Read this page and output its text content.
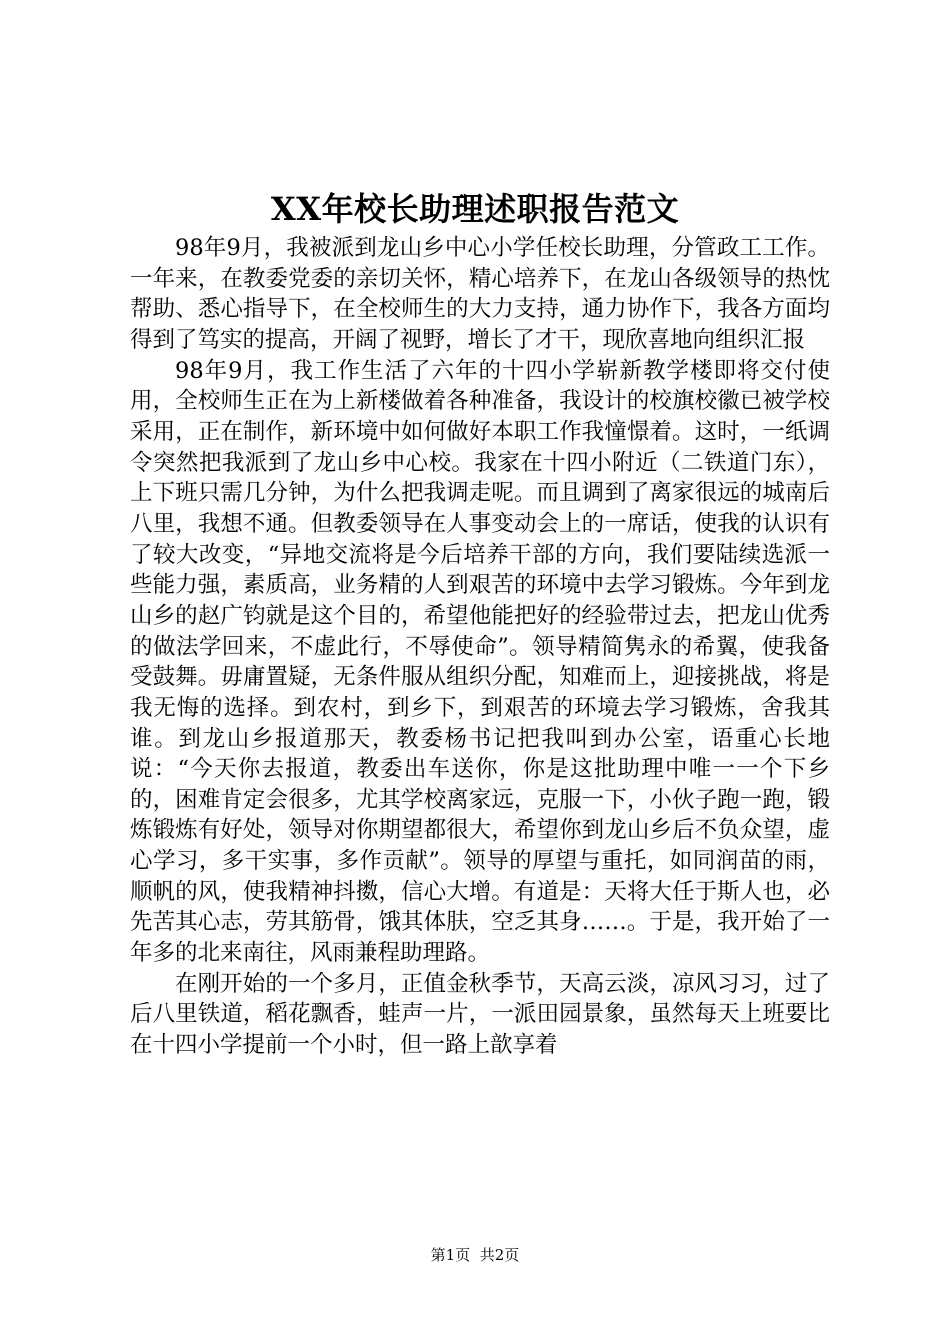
XX年校长助理述职报告范文

98年9月，我被派到龙山乡中心小学任校长助理，分管政工工作。一年来，在教委党委的亲切关怀，精心培养下，在龙山各级领导的热忱帮助、悉心指导下，在全校师生的大力支持，通力协作下，我各方面均得到了笃实的提高，开阔了视野，增长了才干，现欣喜地向组织汇报

98年9月，我工作生活了六年的十四小学崭新教学楼即将交付使用，全校师生正在为上新楼做着各种准备，我设计的校旗校徽已被学校采用，正在制作，新环境中如何做好本职工作我憧憬着。这时，一纸调令突然把我派到了龙山乡中心校。我家在十四小附近（二铁道门东），上下班只需几分钟，为什么把我调走呢。而且调到了离家很远的城南后八里，我想不通。但教委领导在人事变动会上的一席话，使我的认识有了较大改变，“异地交流将是今后培养干部的方向，我们要陆续选派一些能力强，素质高，业务精的人到艰苦的环境中去学习锻炼。今年到龙山乡的赵广钧就是这个目的，希望他能把好的经验带过去，把龙山优秀的做法学回来，不虚此行，不辱使命”。领导精简隽永的希翼，使我备受鼓舞。毋庸置疑，无条件服从组织分配，知难而上，迎接挑战，将是我无悔的选择。到农村，到乡下，到艰苦的环境去学习锻炼，舍我其谁。到龙山乡报道那天，教委杨书记把我叫到办公室，语重心长地说：“今天你去报道，教委出车送你，你是这批助理中唯一一个下乡的，困难肯定会很多，尤其学校离家远，克服一下，小伙子跑一跑，锻炼锻炼有好处，领导对你期望都很大，希望你到龙山乡后不负众望，虚心学习，多干实事，多作贡献”。领导的厚望与重托，如同润苗的雨，顺帆的风，使我精神抖擞，信心大增。有道是：天将大任于斯人也，必先苦其心志，劳其筋骨，饿其体肤，空乏其身……。于是，我开始了一年多的北来南往，风雨兼程助理路。

在刚开始的一个多月，正值金秋季节，天高云淡，凉风习习，过了后八里铁道，稻花飘香，蛙声一片，一派田园景象，虽然每天上班要比在十四小学提前一个小时，但一路上歆享着

第1页 共2页
